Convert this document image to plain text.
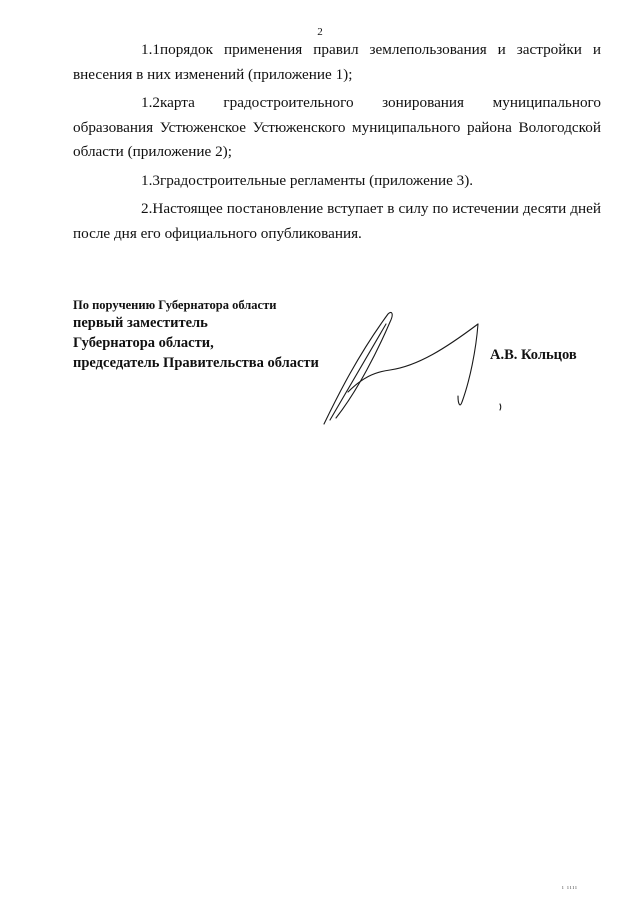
2

1.1порядок применения правил землепользования и застройки и внесения в них изменений (приложение 1);

1.2карта градостроительного зонирования муниципального образования Устюженское Устюженского муниципального района Вологодской области (приложение 2);

1.3градостроительные регламенты (приложение 3).

2.Настоящее постановление вступает в силу по истечении десяти дней после дня его официального опубликования.

По поручению Губернатора области

первый заместитель

Губернатора области,

председатель Правительства области	А.В. Кольцов
ı ıııı
